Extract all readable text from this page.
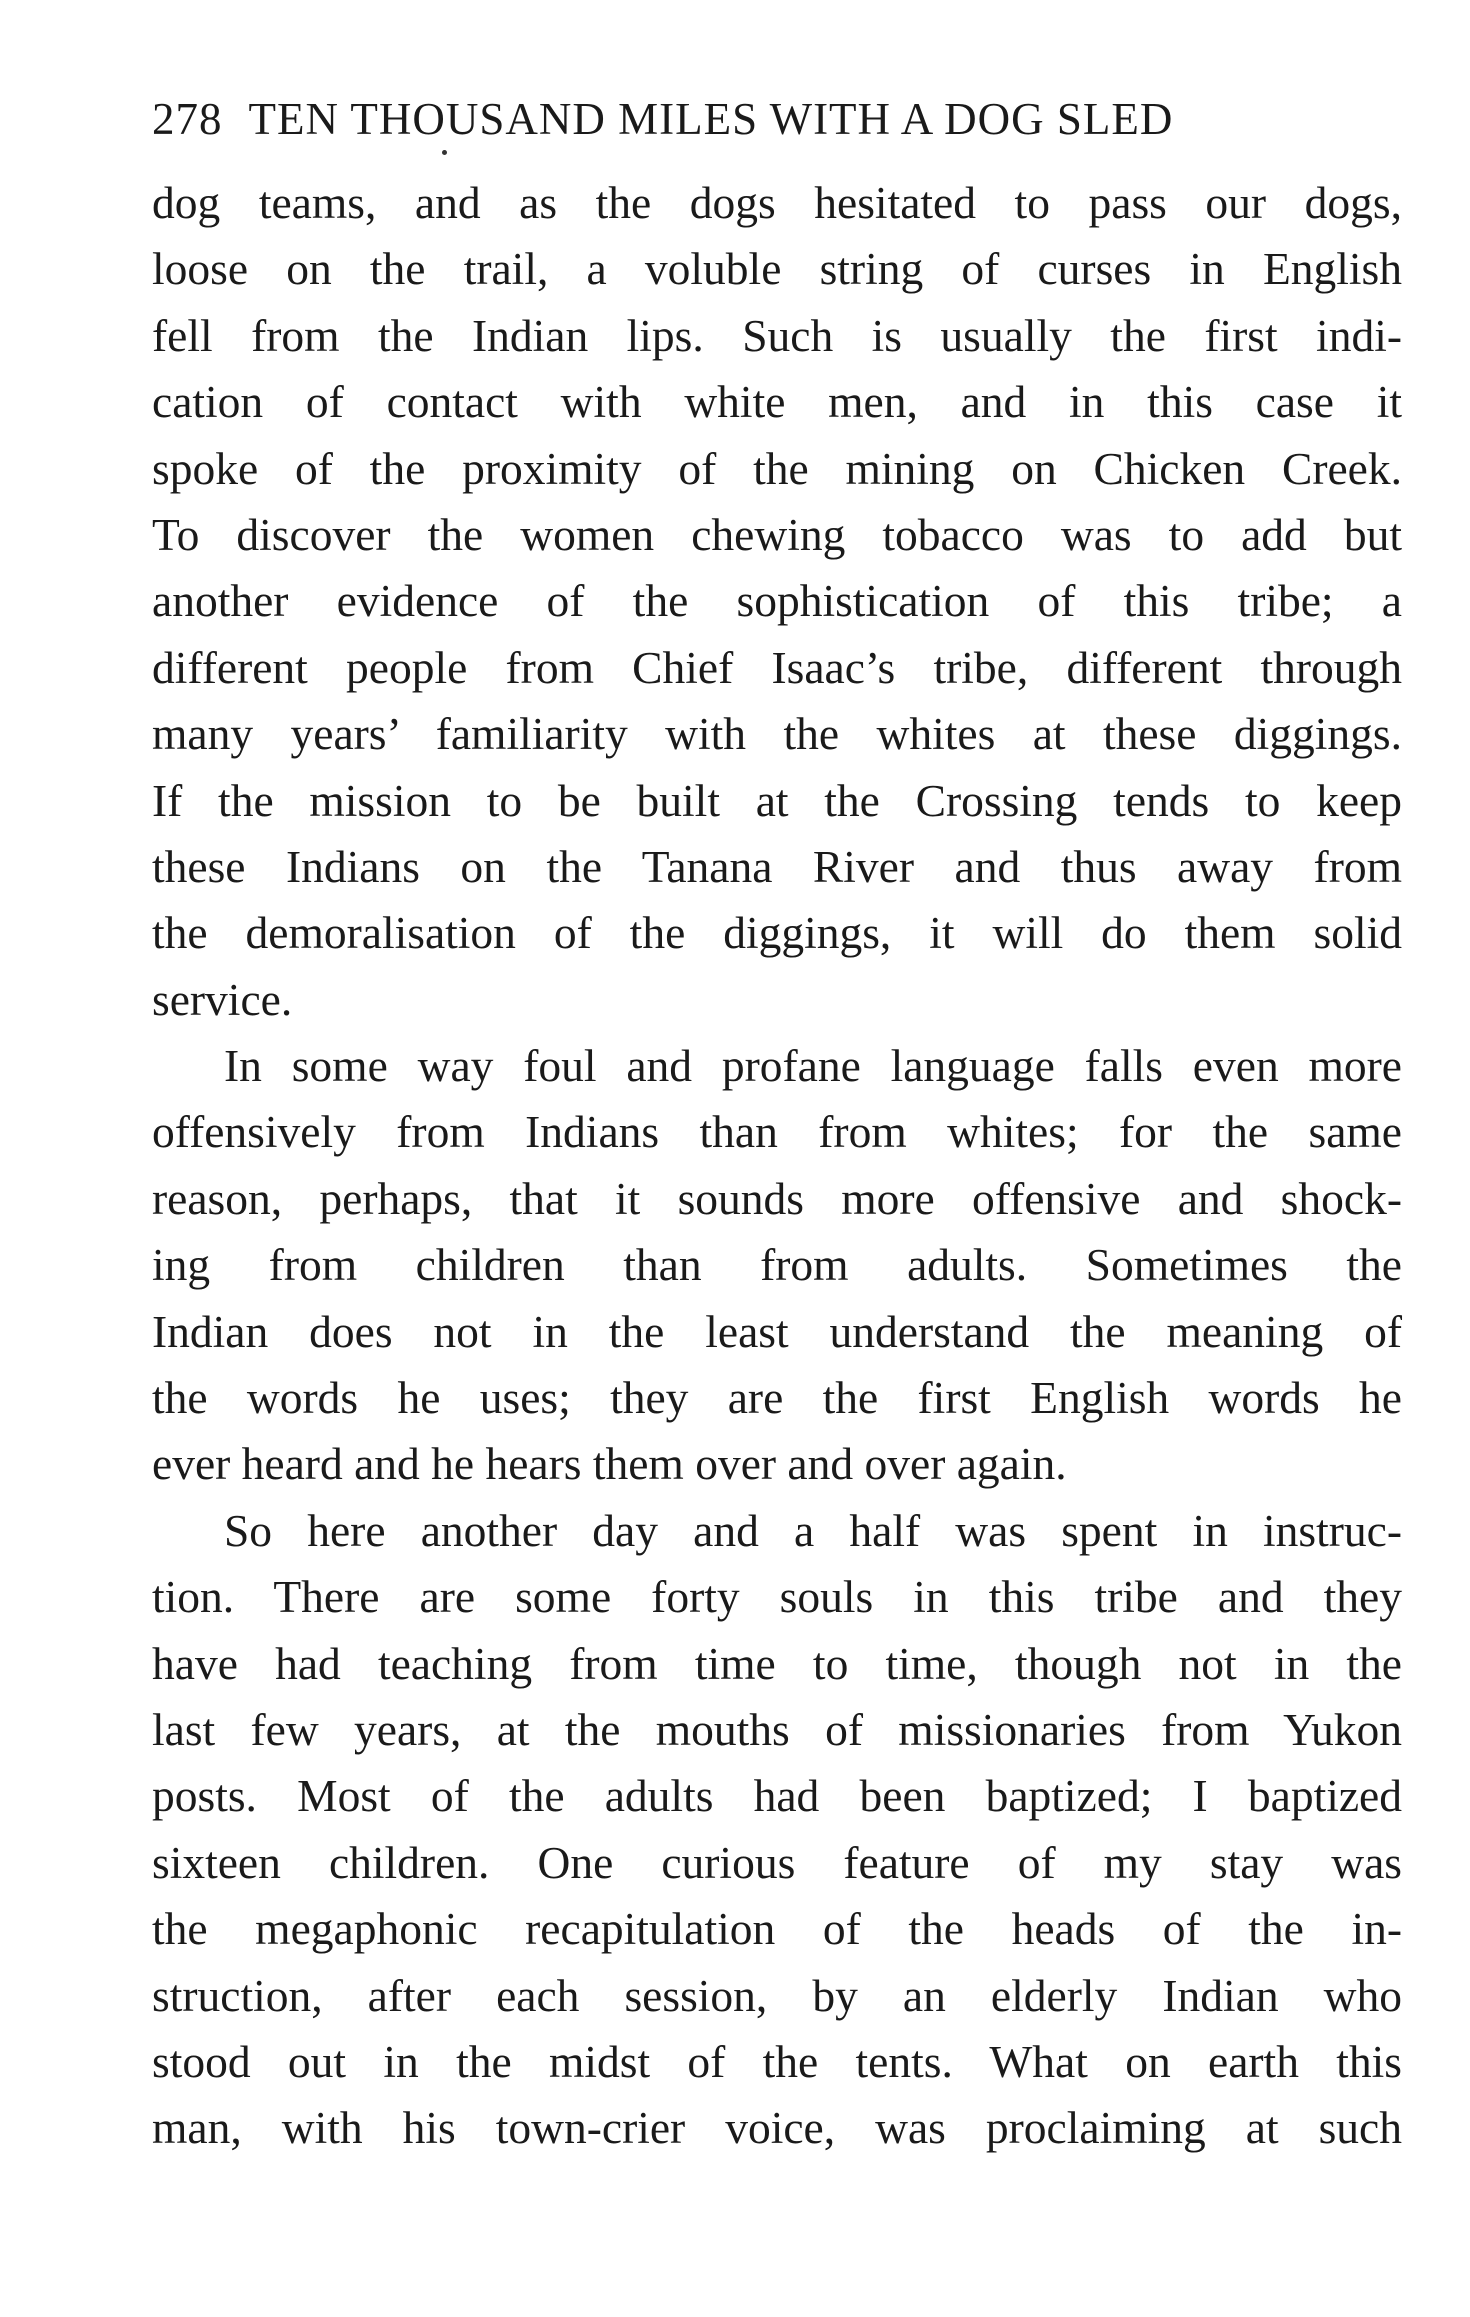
278 TEN THOUSAND MILES WITH A DOG SLED
dog teams, and as the dogs hesitated to pass our dogs,
loose on the trail, a voluble string of curses in English
fell from the Indian lips. Such is usually the first indi-
cation of contact with white men, and in this case it
spoke of the proximity of the mining on Chicken Creek.
To discover the women chewing tobacco was to add but
another evidence of the sophistication of this tribe; a
different people from Chief Isaac’s tribe, different through
many years’ familiarity with the whites at these diggings.
If the mission to be built at the Crossing tends to keep
these Indians on the Tanana River and thus away from
the demoralisation of the diggings, it will do them solid
service.
In some way foul and profane language falls even more
offensively from Indians than from whites; for the same
reason, perhaps, that it sounds more offensive and shock-
ing from children than from adults. Sometimes the
Indian does not in the least understand the meaning of
the words he uses; they are the first English words he
ever heard and he hears them over and over again.
So here another day and a half was spent in instruc-
tion. There are some forty souls in this tribe and they
have had teaching from time to time, though not in the
last few years, at the mouths of missionaries from Yukon
posts. Most of the adults had been baptized; I baptized
sixteen children. One curious feature of my stay was
the megaphonic recapitulation of the heads of the in-
struction, after each session, by an elderly Indian who
stood out in the midst of the tents. What on earth this
man, with his town-crier voice, was proclaiming at such
